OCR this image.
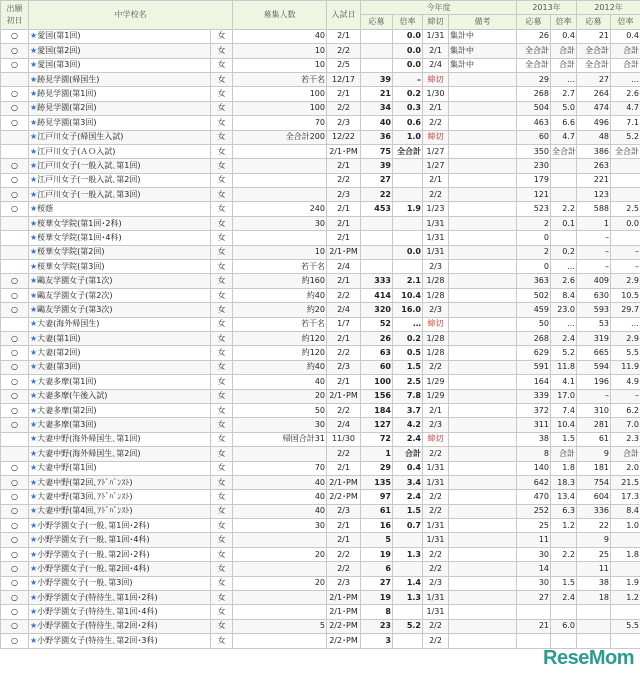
出願
初日	中学校名		募集人数	入試日	今年度				2013年		2012年	
					応募	倍率	締切	備考	応募	倍率	応募	倍率
○	★愛国(第1回)	女	40	2/1		0.0	1/31	集計中	26	0.4	21	0.4
○	★愛国(第2回)	女	10	2/2		0.0	2/1	集計中	全合計	合計	全合計	合計
○	★愛国(第3回)	女	10	2/5		0.0	2/4	集計中	全合計	合計	全合計	合計
	★跡見学園(帰国生)	女	若干名	12/17	39	–	締切		29	…	27	…
○	★跡見学園(第1回)	女	100	2/1	21	0.2	1/30		268	2.7	264	2.6
○	★跡見学園(第2回)	女	100	2/2	34	0.3	2/1		504	5.0	474	4.7
○	★跡見学園(第3回)	女	70	2/3	40	0.6	2/2		463	6.6	496	7.1
	★江戸川女子(帰国生入試)	女	全合計200	12/22	36	1.0	締切		60	4.7	48	5.2
	★江戸川女子(ＡＯ入試)	女		2/1･PM	75	全合計	1/27		350	全合計	386	全合計
○	★江戸川女子(一般入試､第1回)	女		2/1	39		1/27		230		263	
○	★江戸川女子(一般入試､第2回)	女		2/2	27		2/1		179		221	
○	★江戸川女子(一般入試､第3回)	女		2/3	22		2/2		121		123	
○	★桜蔭	女	240	2/1	453	1.9	1/23		523	2.2	588	2.5
	★桜華女学院(第1回･2科)	女	30	2/1			1/31		2	0.1	1	0.0
	★桜華女学院(第1回･4科)	女		2/1			1/31		0		–	
	★桜華女学院(第2回)	女	10	2/1･PM		0.0	1/31		2	0.2	–	–
	★桜華女学院(第3回)	女	若干名	2/4			2/3		0	…	–	–
○	★鷗友学園女子(第1次)	女	約160	2/1	333	2.1	1/28		363	2.6	409	2.9
○	★鷗友学園女子(第2次)	女	約40	2/2	414	10.4	1/28		502	8.4	630	10.5
○	★鷗友学園女子(第3次)	女	約20	2/4	320	16.0	2/3		459	23.0	593	29.7
	★大妻(海外帰国生)	女	若干名	1/7	52	…	締切		50	…	53	…
○	★大妻(第1回)	女	約120	2/1	26	0.2	1/28		268	2.4	319	2.9
○	★大妻(第2回)	女	約120	2/2	63	0.5	1/28		629	5.2	665	5.5
○	★大妻(第3回)	女	約40	2/3	60	1.5	2/2		591	11.8	594	11.9
○	★大妻多摩(第1回)	女	40	2/1	100	2.5	1/29		164	4.1	196	4.9
○	★大妻多摩(午後入試)	女	20	2/1･PM	156	7.8	1/29		339	17.0	–	–
○	★大妻多摩(第2回)	女	50	2/2	184	3.7	2/1		372	7.4	310	6.2
○	★大妻多摩(第3回)	女	30	2/4	127	4.2	2/3		311	10.4	281	7.0
	★大妻中野(海外帰国生､第1回)	女	帰国合計31	11/30	72	2.4	締切		38	1.5	61	2.3
	★大妻中野(海外帰国生､第2回)	女		2/2	1	合計	2/2		8	合計	9	合計
○	★大妻中野(第1回)	女	70	2/1	29	0.4	1/31		140	1.8	181	2.0
○	★大妻中野(第2回､ｱﾄﾞﾊﾞﾝｽﾄ)	女	40	2/1･PM	135	3.4	1/31		642	18.3	754	21.5
○	★大妻中野(第3回､ｱﾄﾞﾊﾞﾝｽﾄ)	女	40	2/2･PM	97	2.4	2/2		470	13.4	604	17.3
○	★大妻中野(第4回､ｱﾄﾞﾊﾞﾝｽﾄ)	女	40	2/3	61	1.5	2/2		252	6.3	336	8.4
○	★小野学園女子(一般､第1回･2科)	女	30	2/1	16	0.7	1/31		25	1.2	22	1.0
○	★小野学園女子(一般､第1回･4科)	女		2/1	5		1/31		11		9	
○	★小野学園女子(一般､第2回･2科)	女	20	2/2	19	1.3	2/2		30	2.2	25	1.8
○	★小野学園女子(一般､第2回･4科)	女		2/2	6		2/2		14		11	
○	★小野学園女子(一般､第3回)	女	20	2/3	27	1.4	2/3		30	1.5	38	1.9
○	★小野学園女子(特待生､第1回･2科)	女		2/1･PM	19	1.3	1/31		27	2.4	18	1.2
○	★小野学園女子(特待生､第1回･4科)	女		2/1･PM	8		1/31					
○	★小野学園女子(特待生､第2回･2科)	女	5	2/2･PM	23	5.2	2/2		21	6.0		5.5
○	★小野学園女子(特待生､第2回･3科)	女		2/2･PM	3		2/2					
ReseMom
